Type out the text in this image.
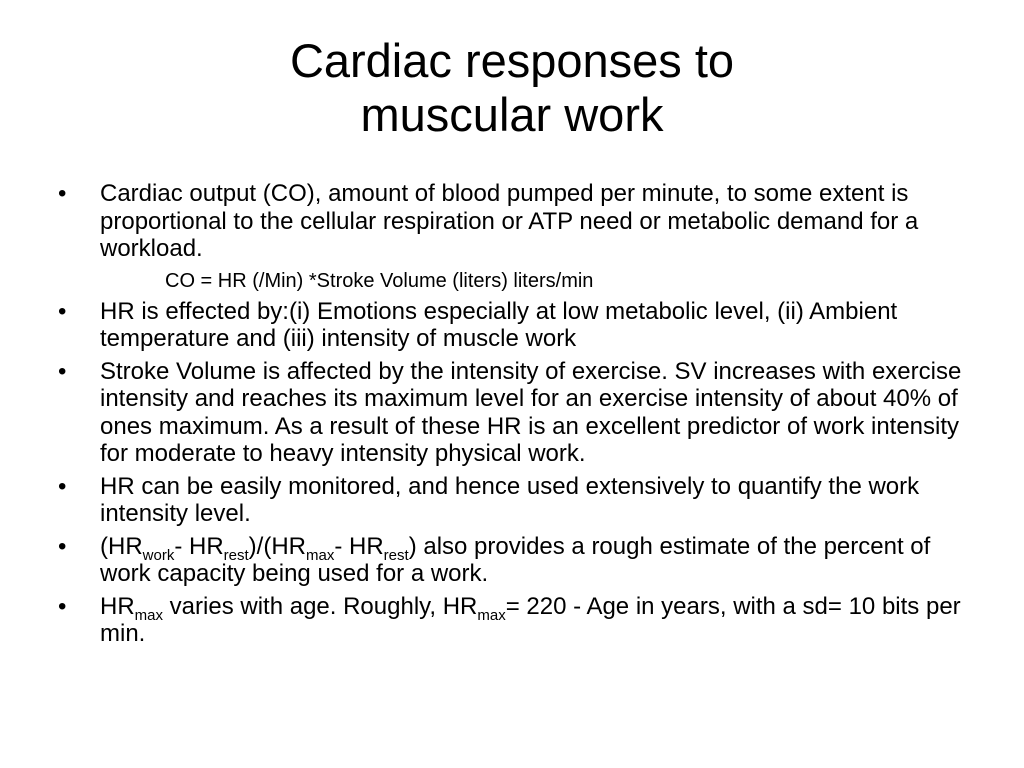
Cardiac responses to
muscular work
• Cardiac output (CO), amount of blood pumped per minute, to some extent is proportional to the cellular respiration or ATP need or metabolic demand for a workload.
CO = HR (/Min) *Stroke Volume (liters) liters/min
• HR is effected by:(i) Emotions especially at low metabolic level, (ii) Ambient temperature and (iii) intensity of muscle work
• Stroke Volume is affected by the intensity of exercise. SV increases with exercise intensity and reaches its maximum level for an exercise intensity of about 40% of ones maximum. As a result of these HR is an excellent predictor of work intensity for moderate to heavy intensity physical work.
• HR can be easily monitored, and hence used extensively to quantify the work intensity level.
• ($HR_{work}-$ $HR_{rest})/(HR_{max}-$ $HR_{rest}$) also provides a rough estimate of the percent of work capacity being used for a work.
• $HR_{max}$ varies with age. Roughly, $HR_{max}= 220$ - Age in years, with a sd= 10 bits per min.
